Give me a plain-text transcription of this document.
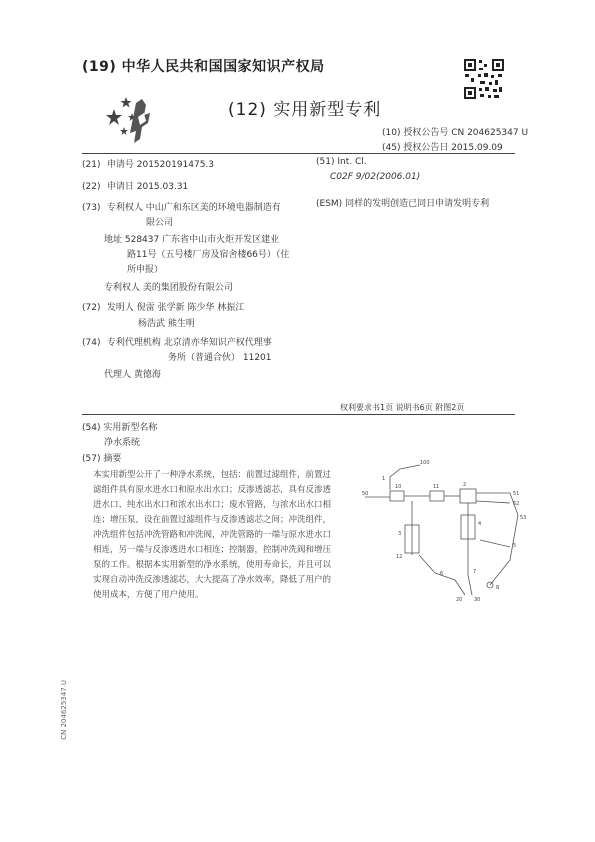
(19) 中华人民共和国国家知识产权局
(12) 实用新型专利
(10) 授权公告号 CN 204625347 U
(45) 授权公告日 2015.09.09
(21) 申请号 201520191475.3
(22) 申请日 2015.03.31
(73) 专利权人 中山广和东区美的环境电器制造有
限公司
地址 528437 广东省中山市火炬开发区建业
路11号（五号楼厂房及宿舍楼66号）（住
所申报）
专利权人 美的集团股份有限公司
(72) 发明人 倪雷 张学新 陈少华 林振江
杨浩武 熊生明
(74) 专利代理机构 北京清亦华知识产权代理事
务所（普通合伙） 11201
代理人 黄德海
(51) Int. Cl.
C02F 9/02(2006.01)
(ESM) 同样的发明创造已同日申请发明专利
权利要求书1页 说明书6页 附图2页
(54) 实用新型名称
净水系统
(57) 摘要
本实用新型公开了一种净水系统，包括：前置过滤组件，前置过滤组件具有原水进水口和原水出水口；反渗透滤芯，具有反渗透进水口、纯水出水口和浓水出水口；废水管路，与浓水出水口相连；增压泵，设在前置过滤组件与反渗透滤芯之间；冲洗组件，冲洗组件包括冲洗管路和冲洗阀，冲洗管路的一端与原水进水口相连，另一端与反渗透进水口相连；控制器，控制冲洗阀和增压泵的工作。根据本实用新型的净水系统，使用寿命长，并且可以实现自动冲洗反渗透滤芯，大大提高了净水效率，降低了用户的使用成本，方便了用户使用。
100
1
10	11	2
51
52
53
3
4
5
12
6	7
20 30
8
50
CN 204625347 U
